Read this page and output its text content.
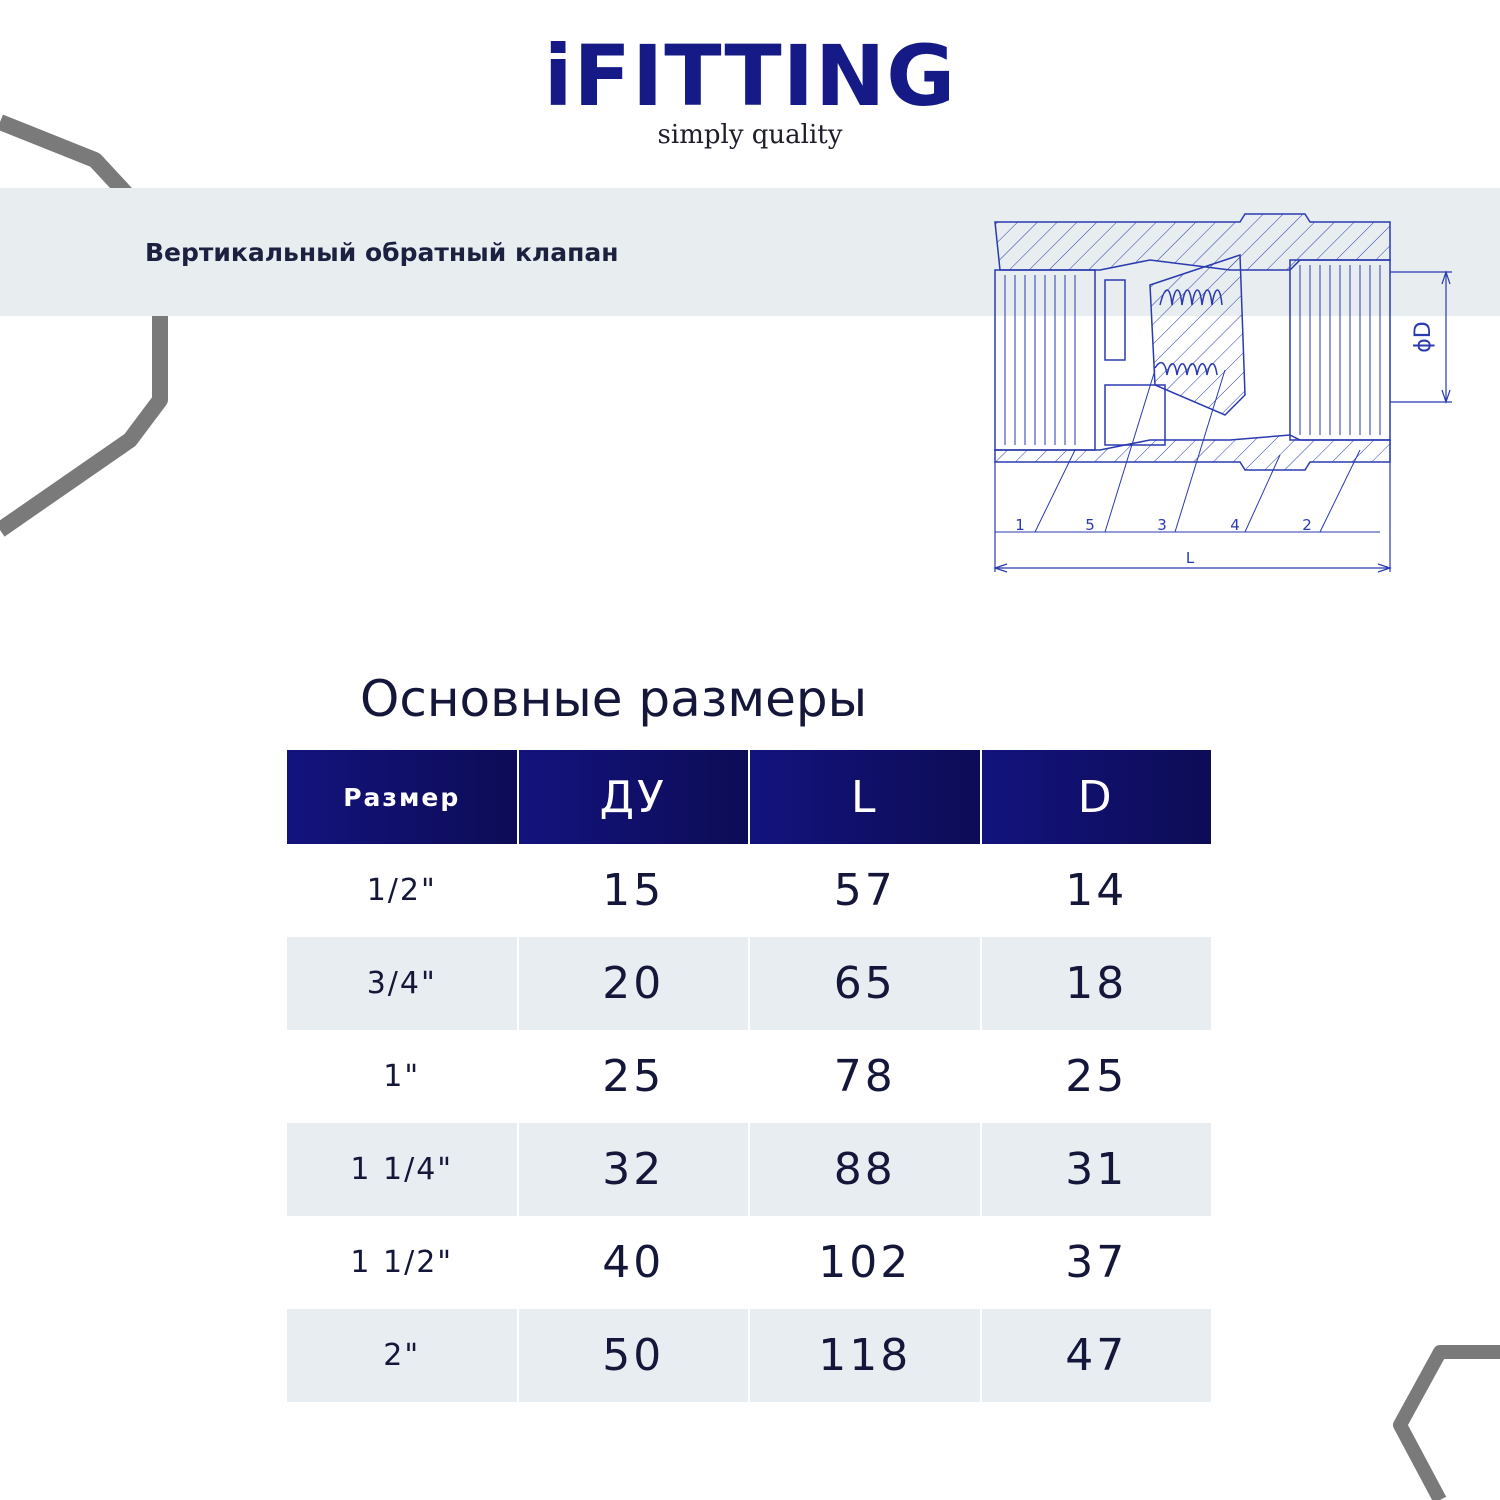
iFITTING
simply quality
Вертикальный обратный клапан
ϕD
1	5	3	4	2
L
Основные размеры
Размер	ДУ	L	D
1/2"	15	57	14
3/4"	20	65	18
1"	25	78	25
1 1/4"	32	88	31
1 1/2"	40	102	37
2"	50	118	47
